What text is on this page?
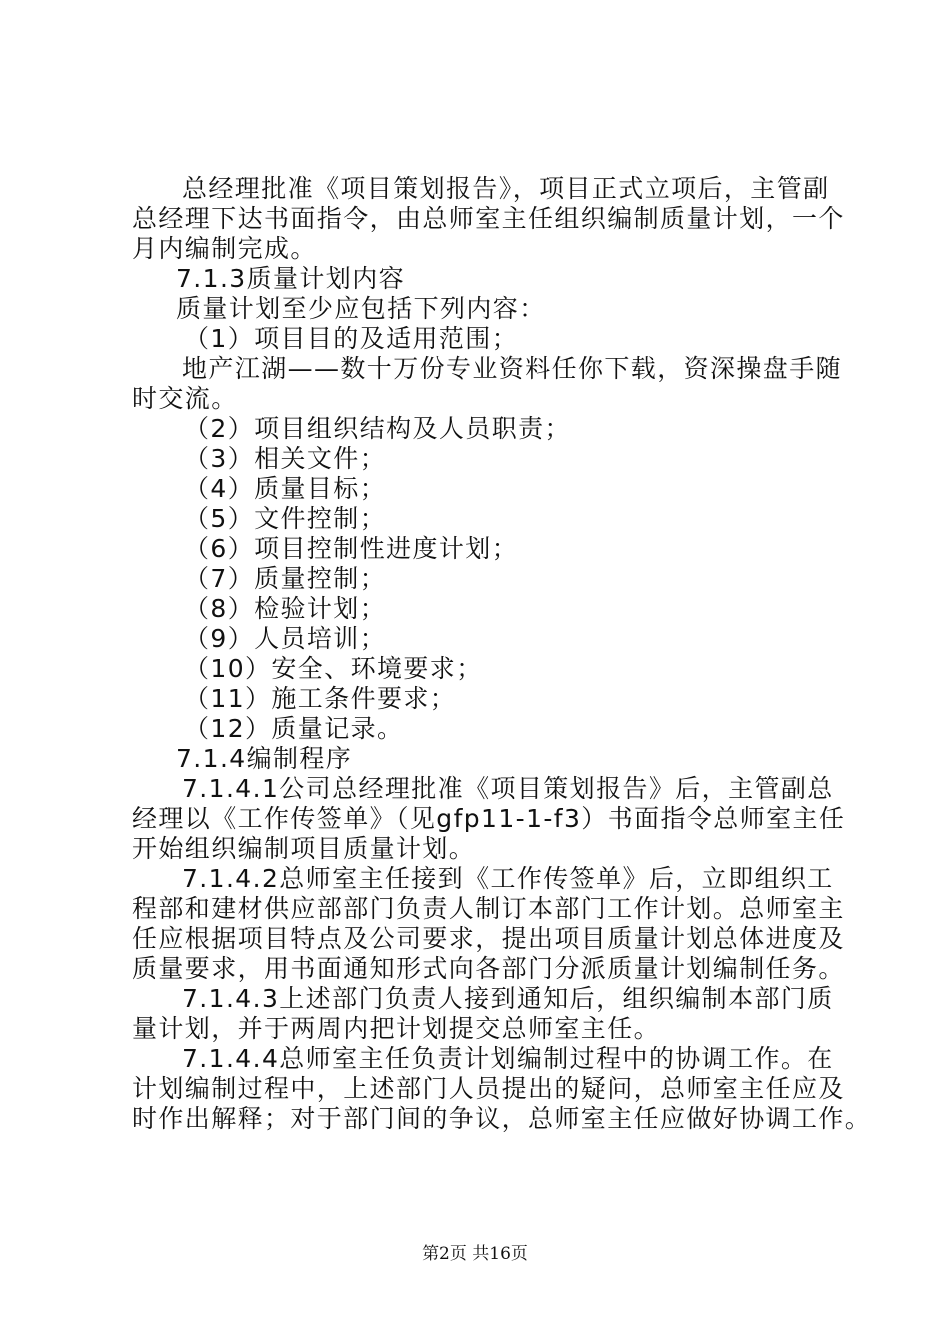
总经理批准《项目策划报告》，项目正式立项后，主管副
总经理下达书面指令，由总师室主任组织编制质量计划，一个
月内编制完成。
7.1.3质量计划内容
质量计划至少应包括下列内容：
（1）项目目的及适用范围；
地产江湖——数十万份专业资料任你下载，资深操盘手随
时交流。
（2）项目组织结构及人员职责；
（3）相关文件；
（4）质量目标；
（5）文件控制；
（6）项目控制性进度计划；
（7）质量控制；
（8）检验计划；
（9）人员培训；
（10）安全、环境要求；
（11）施工条件要求；
（12）质量记录。
7.1.4编制程序
7.1.4.1公司总经理批准《项目策划报告》后，主管副总
经理以《工作传签单》（见gfp11-1-f3）书面指令总师室主任
开始组织编制项目质量计划。
7.1.4.2总师室主任接到《工作传签单》后，立即组织工
程部和建材供应部部门负责人制订本部门工作计划。总师室主
任应根据项目特点及公司要求，提出项目质量计划总体进度及
质量要求，用书面通知形式向各部门分派质量计划编制任务。
7.1.4.3上述部门负责人接到通知后，组织编制本部门质
量计划，并于两周内把计划提交总师室主任。
7.1.4.4总师室主任负责计划编制过程中的协调工作。在
计划编制过程中，上述部门人员提出的疑问，总师室主任应及
时作出解释；对于部门间的争议，总师室主任应做好协调工作。
第2页 共16页
